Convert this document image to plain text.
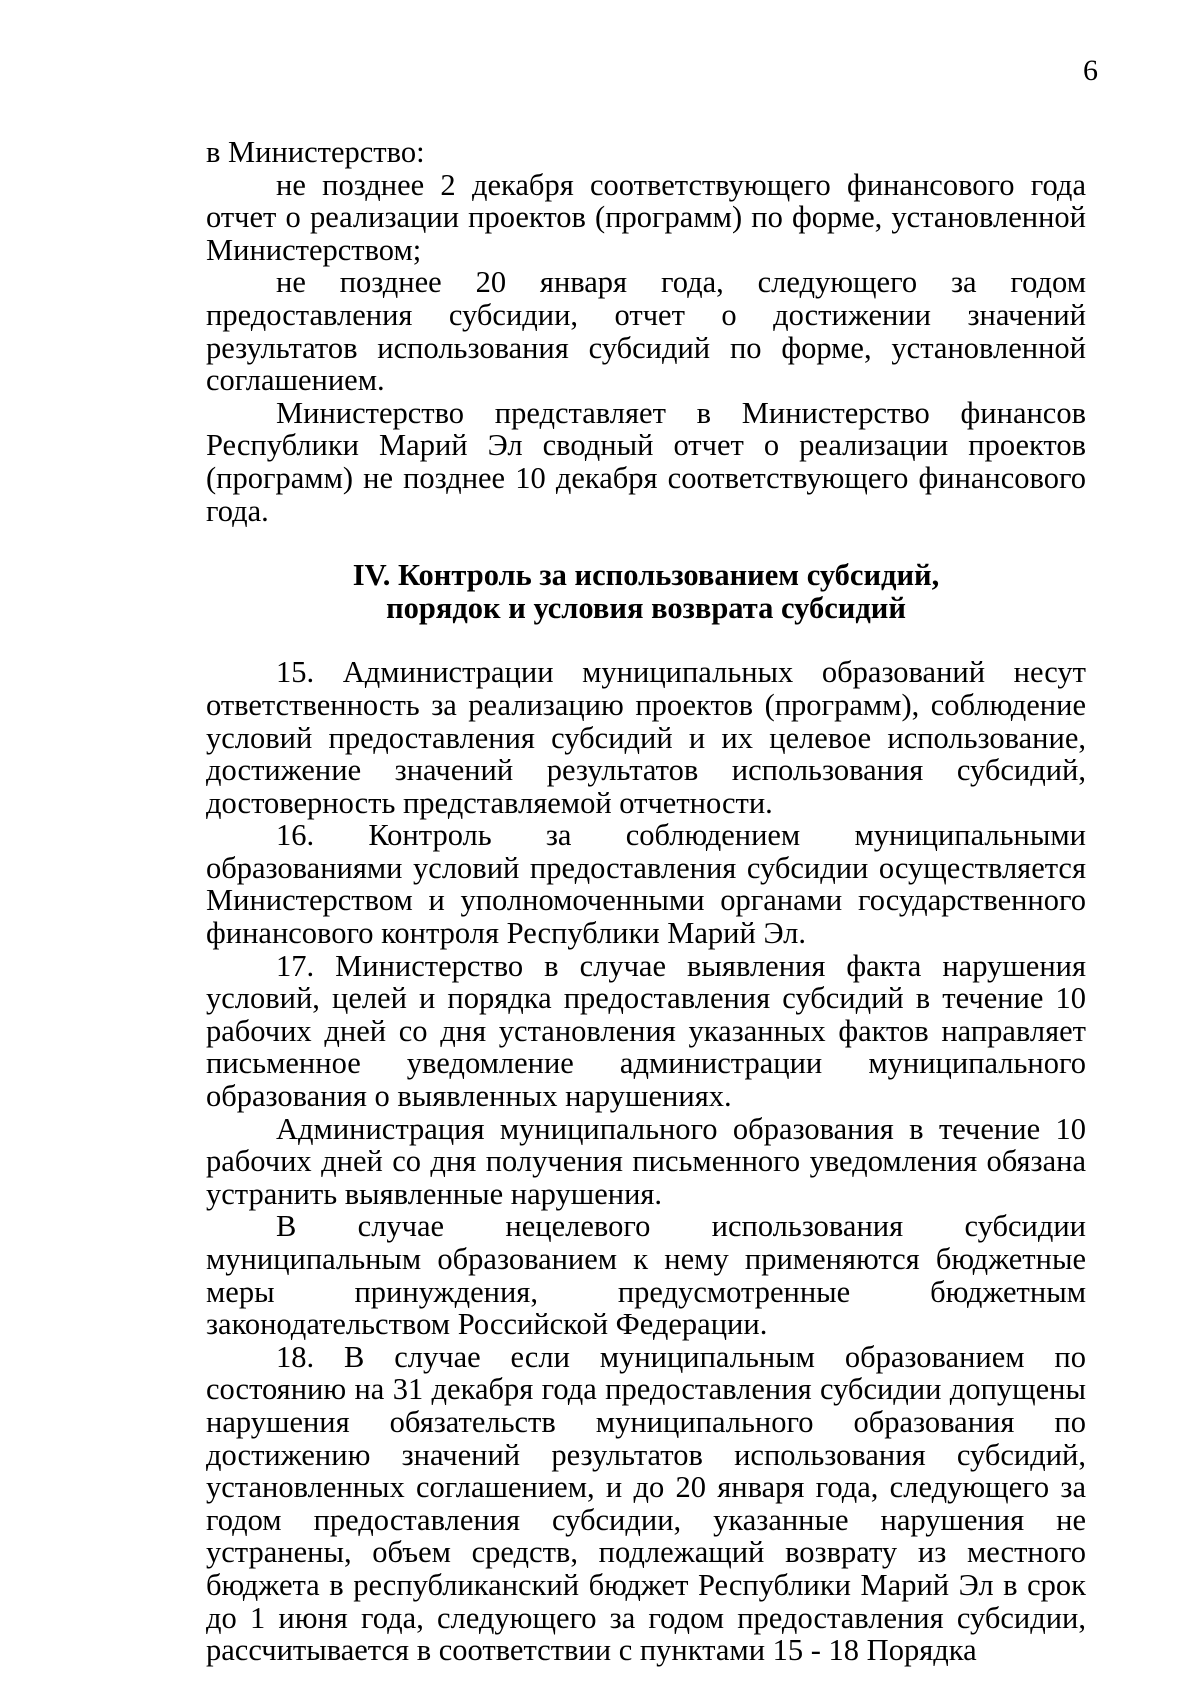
6

в Министерство:

не позднее 2 декабря соответствующего финансового года отчет о реализации проектов (программ) по форме, установленной Министерством;

не позднее 20 января года, следующего за годом предоставления субсидии, отчет о достижении значений результатов использования субсидий по форме, установленной соглашением.

Министерство представляет в Министерство финансов Республики Марий Эл сводный отчет о реализации проектов (программ) не позднее 10 декабря соответствующего финансового года.

IV. Контроль за использованием субсидий,
порядок и условия возврата субсидий

15. Администрации муниципальных образований несут ответственность за реализацию проектов (программ), соблюдение условий предоставления субсидий и их целевое использование, достижение значений результатов использования субсидий, достоверность представляемой отчетности.

16. Контроль за соблюдением муниципальными образованиями условий предоставления субсидии осуществляется Министерством и уполномоченными органами государственного финансового контроля Республики Марий Эл.

17. Министерство в случае выявления факта нарушения условий, целей и порядка предоставления субсидий в течение 10 рабочих дней со дня установления указанных фактов направляет письменное уведомление администрации муниципального образования о выявленных нарушениях.

Администрация муниципального образования в течение 10 рабочих дней со дня получения письменного уведомления обязана устранить выявленные нарушения.

В случае нецелевого использования субсидии муниципальным образованием к нему применяются бюджетные меры принуждения, предусмотренные бюджетным законодательством Российской Федерации.

18. В случае если муниципальным образованием по состоянию на 31 декабря года предоставления субсидии допущены нарушения обязательств муниципального образования по достижению значений результатов использования субсидий, установленных соглашением, и до 20 января года, следующего за годом предоставления субсидии, указанные нарушения не устранены, объем средств, подлежащий возврату из местного бюджета в республиканский бюджет Республики Марий Эл в срок до 1 июня года, следующего за годом предоставления субсидии, рассчитывается в соответствии с пунктами 15 - 18 Порядка
